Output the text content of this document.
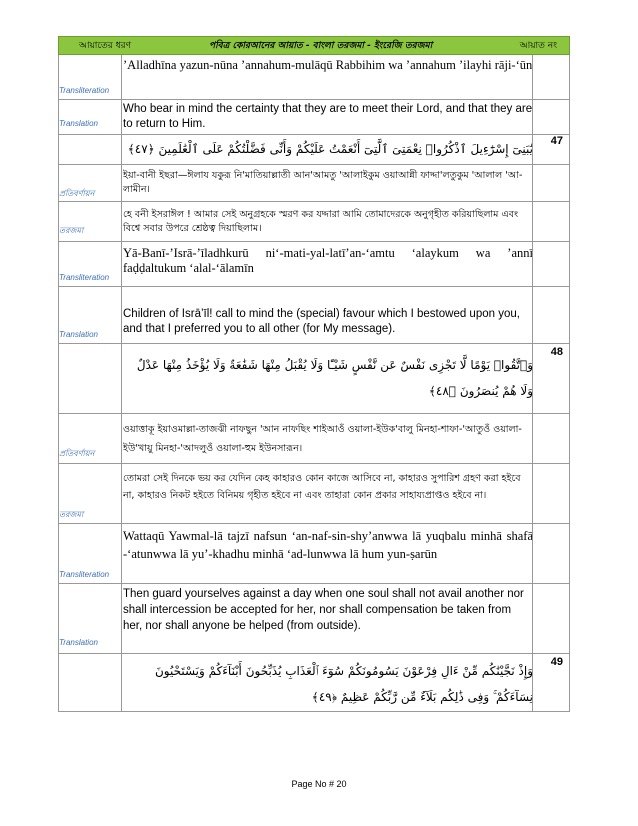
আয়াতের ধরণ	পবিত্র কোরআনের আয়াত - বাংলা তরজমা - ইংরেজি তরজমা	আয়াত নং
Transliteration
’Alladhīna yazun-nūna ’annahum-mulāqū Rabbihim wa ’annahum ’ilayhi rāji-‘ūn
Translation
Who bear in mind the certainty that they are to meet their Lord, and that they are to return to Him.
يَٰبَنِىٓ إِسْرَٰٓءِيلَ ٱذْكُرُوا۟ نِعْمَتِىَ ٱلَّتِىٓ أَنْعَمْتُ عَلَيْكُمْ وَأَنِّى فَضَّلْتُكُمْ عَلَى ٱلْعَٰلَمِينَ ﴿٤٧﴾
47
প্রতিবর্ণায়ন
ইয়া-বানী ইছরা—ঈলায যকুরূ নি'মাতিয়াল্লাতী আন'আমতু 'আলাইকুম ওয়াআন্নী ফাদ্দা'লতুকুম 'আলাল 'আ-লামীন।
তরজমা
হে বনী ইসরাঈল ! আমার সেই অনুগ্রহকে স্মরণ কর যদ্দারা আমি তোমাদেরকে অনুগৃহীত করিয়াছিলাম এবং বিশ্বে সবার উপরে শ্রেষ্ঠত্ব দিয়াছিলাম।
Transliteration
Yā-Banī-’Isrā-’īladhkurū ni‘-mati-yal-latī’an-‘amtu ‘alaykum wa ’annī faḍḍaltukum ‘alal-‘ālamīn
Translation
Children of Isrā’īl! call to mind the (special) favour which I bestowed upon you, and that I preferred you to all other (for My message).
وَٱتَّقُوا۟ يَوْمًا لَّا تَجْزِى نَفْسٌ عَن نَّفْسٍ شَيْـًٔا وَلَا يُقْبَلُ مِنْهَا شَفَٰعَةٌ وَلَا يُؤْخَذُ مِنْهَا عَدْلٌ وَلَا هُمْ يُنصَرُونَ ﴿٤٨﴾
48
প্রতিবর্ণায়ন
ওয়াত্তাকূ ইয়াওমাল্লা-তাজঝী নাফছুন 'আন নাফছিং শাইআওঁ ওয়ালা-ইউক'বালু মিনহা-শাফা-'আতুওঁ ওয়ালা-ইউ'খায়ু মিনহা-'আদলুওঁ ওয়ালা-হুম ইউনসারূন।
তরজমা
তোমরা সেই দিনকে ভয় কর যেদিন কেহ কাহারও কোন কাজে আসিবে না, কাহারও সুপারিশ গ্রহণ করা হইবে না, কাহারও নিকট হইতে বিনিময় গৃহীত হইবে না এবং তাহারা কোন প্রকার সাহায্যপ্রাপ্তও হইবে না।
Transliteration
Wattaqū Yawmal-lā tajzī nafsun ‘an-naf-sin-shy’anwwa lā yuqbalu minhā shafā -‘atunwwa lā yu’-khadhu minhā ‘ad-lunwwa lā hum yun-ṣarūn
Translation
Then guard yourselves against a day when one soul shall not avail another nor shall intercession be accepted for her, nor shall compensation be taken from her, nor shall anyone be helped (from outside).
وَإِذْ نَجَّيْنَٰكُم مِّنْ ءَالِ فِرْعَوْنَ يَسُومُونَكُمْ سُوٓءَ ٱلْعَذَابِ يُذَبِّحُونَ أَبْنَآءَكُمْ وَيَسْتَحْيُونَ نِسَآءَكُمْ ۚ وَفِى ذَٰلِكُم بَلَآءٌ مِّن رَّبِّكُمْ عَظِيمٌ ﴿٤٩﴾
49
Page No # 20
